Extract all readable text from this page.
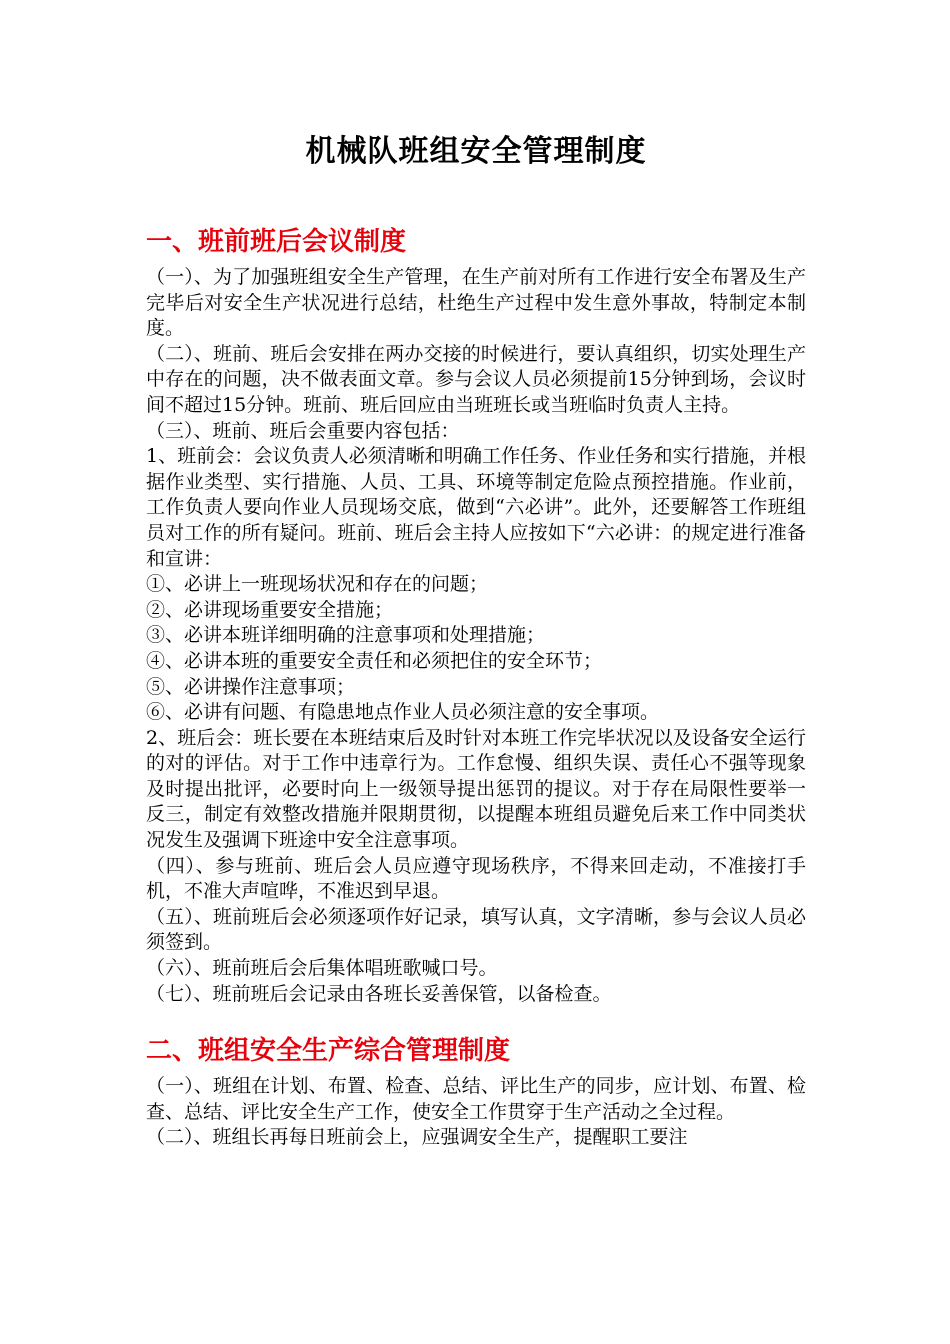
机械队班组安全管理制度
一、班前班后会议制度

（一）、为了加强班组安全生产管理，在生产前对所有工作进行安全布署及生产完毕后对安全生产状况进行总结，杜绝生产过程中发生意外事故，特制定本制度。

（二）、班前、班后会安排在两办交接的时候进行，要认真组织，切实处理生产中存在的问题，决不做表面文章。参与会议人员必须提前15分钟到场，会议时间不超过15分钟。班前、班后回应由当班班长或当班临时负责人主持。

（三）、班前、班后会重要内容包括：

1、班前会：会议负责人必须清晰和明确工作任务、作业任务和实行措施，并根据作业类型、实行措施、人员、工具、环境等制定危险点预控措施。作业前，工作负责人要向作业人员现场交底，做到“六必讲”。此外，还要解答工作班组员对工作的所有疑问。班前、班后会主持人应按如下“六必讲：的规定进行准备和宣讲：

①、必讲上一班现场状况和存在的问题；

②、必讲现场重要安全措施；

③、必讲本班详细明确的注意事项和处理措施；

④、必讲本班的重要安全责任和必须把住的安全环节；

⑤、必讲操作注意事项；

⑥、必讲有问题、有隐患地点作业人员必须注意的安全事项。

2、班后会：班长要在本班结束后及时针对本班工作完毕状况以及设备安全运行的对的评估。对于工作中违章行为。工作怠慢、组织失误、责任心不强等现象及时提出批评，必要时向上一级领导提出惩罚的提议。对于存在局限性要举一反三，制定有效整改措施并限期贯彻，以提醒本班组员避免后来工作中同类状况发生及强调下班途中安全注意事项。

（四）、参与班前、班后会人员应遵守现场秩序，不得来回走动，不准接打手机，不准大声喧哗，不准迟到早退。

（五）、班前班后会必须逐项作好记录，填写认真，文字清晰，参与会议人员必须签到。

（六）、班前班后会后集体唱班歌喊口号。

（七）、班前班后会记录由各班长妥善保管，以备检查。

二、班组安全生产综合管理制度

（一）、班组在计划、布置、检查、总结、评比生产的同步，应计划、布置、检查、总结、评比安全生产工作，使安全工作贯穿于生产活动之全过程。

（二）、班组长再每日班前会上，应强调安全生产，提醒职工要注
